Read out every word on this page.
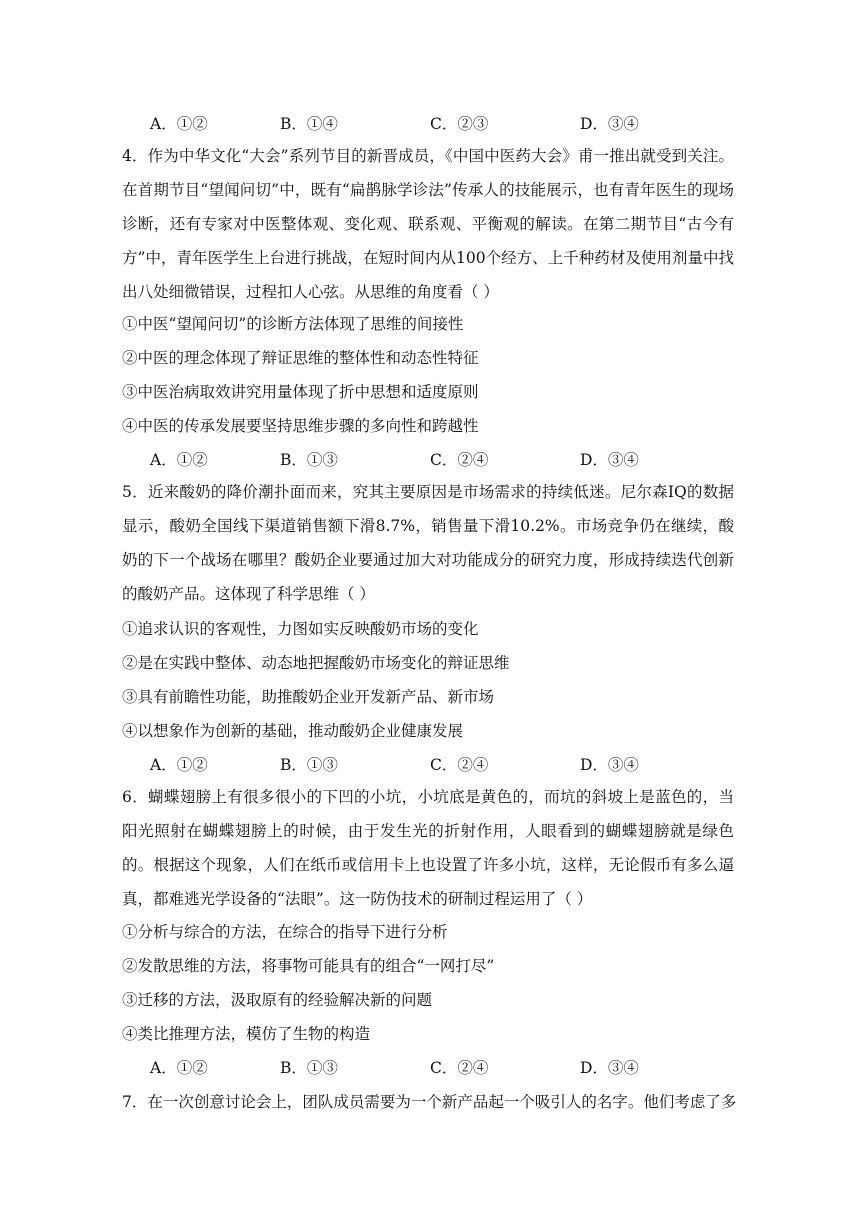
A．①②	B．①④	C．②③	D．③④
4．作为中华文化“大会”系列节目的新晋成员，《中国中医药大会》甫一推出就受到关注。在首期节目“望闻问切”中，既有“扁鹊脉学诊法”传承人的技能展示，也有青年医生的现场诊断，还有专家对中医整体观、变化观、联系观、平衡观的解读。在第二期节目“古今有方”中，青年医学生上台进行挑战，在短时间内从100个经方、上千种药材及使用剂量中找出八处细微错误，过程扣人心弦。从思维的角度看（ ）
①中医“望闻问切”的诊断方法体现了思维的间接性
②中医的理念体现了辩证思维的整体性和动态性特征
③中医治病取效讲究用量体现了折中思想和适度原则
④中医的传承发展要坚持思维步骤的多向性和跨越性
A．①②	B．①③	C．②④	D．③④
5．近来酸奶的降价潮扑面而来，究其主要原因是市场需求的持续低迷。尼尔森IQ的数据显示，酸奶全国线下渠道销售额下滑8.7%，销售量下滑10.2%。市场竞争仍在继续，酸奶的下一个战场在哪里？酸奶企业要通过加大对功能成分的研究力度，形成持续迭代创新的酸奶产品。这体现了科学思维（ ）
①追求认识的客观性，力图如实反映酸奶市场的变化
②是在实践中整体、动态地把握酸奶市场变化的辩证思维
③具有前瞻性功能，助推酸奶企业开发新产品、新市场
④以想象作为创新的基础，推动酸奶企业健康发展
A．①②	B．①③	C．②④	D．③④
6．蝴蝶翅膀上有很多很小的下凹的小坑，小坑底是黄色的，而坑的斜坡上是蓝色的，当阳光照射在蝴蝶翅膀上的时候，由于发生光的折射作用，人眼看到的蝴蝶翅膀就是绿色的。根据这个现象，人们在纸币或信用卡上也设置了许多小坑，这样，无论假币有多么逼真，都难逃光学设备的“法眼”。这一防伪技术的研制过程运用了（ ）
①分析与综合的方法，在综合的指导下进行分析
②发散思维的方法，将事物可能具有的组合“一网打尽”
③迁移的方法，汲取原有的经验解决新的问题
④类比推理方法，模仿了生物的构造
A．①②	B．①③	C．②④	D．③④
7．在一次创意讨论会上，团队成员需要为一个新产品起一个吸引人的名字。他们考虑了多
